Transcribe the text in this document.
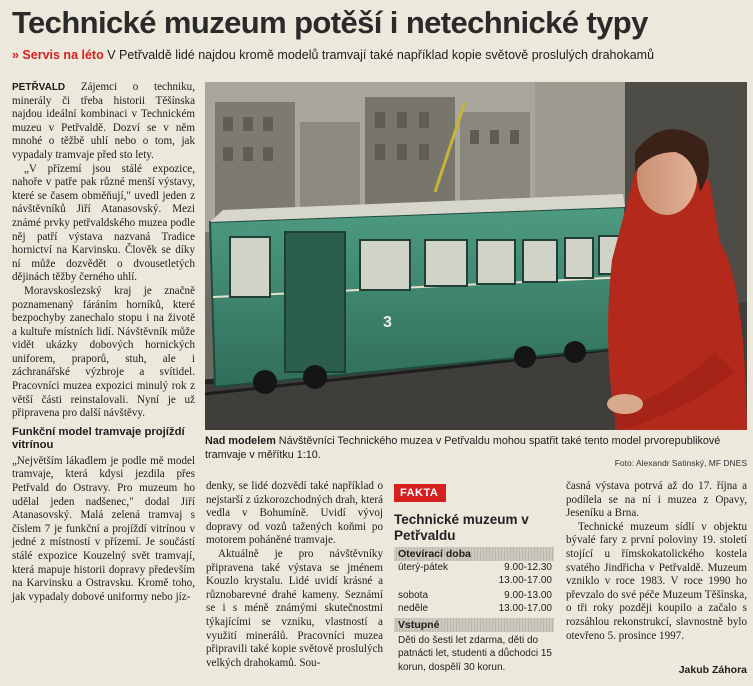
Technické muzeum potěší i netechnické typy
» Servis na léto V Petřvaldě lidé najdou kromě modelů tramvají také například kopie světově proslulých drahokamů

PETŘVALD Zájemci o techniku, minerály či třeba historii Těšínska najdou ideální kombinaci v Technickém muzeu v Petřvaldě. Dozví se v něm mnohé o těžbě uhlí nebo o tom, jak vypadaly tramvaje před sto lety.

„V přízemí jsou stálé expozice, nahoře v patře pak různé menší výstavy, které se časem obměňují," uvedl jeden z návštěvníků Jiří Atanasovský. Mezi známé prvky petřvaldského muzea podle něj patří výstava nazvaná Tradice hornictví na Karvinsku. Člověk se díky ní může dozvědět o dvousetletých dějinách těžby černého uhlí.

Moravskoslezský kraj je značně poznamenaný fáráním horníků, které bezpochyby zanechalo stopu i na životě a kultuře místních lidí. Návštěvník může vidět ukázky dobových hornických uniforem, praporů, stuh, ale i záchranářské výzbroje a svítidel. Pracovníci muzea expozici minulý rok z větší části reinstalovali. Nyní je už připravena pro další návštěvy.

Funkční model tramvaje projíždí vitrínou

„Největším lákadlem je podle mě model tramvaje, která kdysi jezdila přes Petřvald do Ostravy. Pro muzeum ho udělal jeden nadšenec," dodal Jiří Atanasovský. Malá zelená tramvaj s číslem 7 je funkční a projíždí vitrínou v jedné z místností v přízemí. Je součástí stálé expozice Kouzelný svět tramvají, která mapuje historii dopravy především na Karvinsku a Ostravsku. Kromě toho, jak vypadaly dobové uniformy nebo jíz-

3
Nad modelem Návštěvníci Technického muzea v Petřvaldu mohou spatřit také tento model prvorepublikové tramvaje v měřítku 1:10.
Foto: Alexandr Satinský, MF DNES

denky, se lidé dozvědí také například o nejstarší z úzkorozchodných drah, která vedla v Bohumíně. Uvidí vývoj dopravy od vozů tažených koňmi po motorem poháněné tramvaje.

Aktuálně je pro návštěvníky připravena také výstava se jménem Kouzlo krystalu. Lidé uvidí krásné a různobarevné drahé kameny. Seznámí se i s méně známými skutečnostmi týkajícími se vzniku, vlastností a využití minerálů. Pracovníci muzea připravili také kopie světově proslulých velkých drahokamů. Sou-

FAKTA
Technické muzeum v Petřvaldu
Otevírací doba
úterý-pátek	9.00-12.30
13.00-17.00
sobota	9.00-13.00
neděle	13.00-17.00
Vstupné
Děti do šesti let zdarma, děti do patnácti let, studenti a důchodci 15 korun, dospělí 30 korun.

časná výstava potrvá až do 17. října a podílela se na ní i muzea z Opavy, Jeseníku a Brna.

Technické muzeum sídlí v objektu bývalé fary z první poloviny 19. století stojící u římskokatolického kostela svatého Jindřicha v Petřvaldě. Muzeum vzniklo v roce 1983. V roce 1990 ho převzalo do své péče Muzeum Těšínska, o tři roky později koupilo a začalo s rozsáhlou rekonstrukcí, slavnostně bylo otevřeno 5. prosince 1997.

Jakub Záhora
